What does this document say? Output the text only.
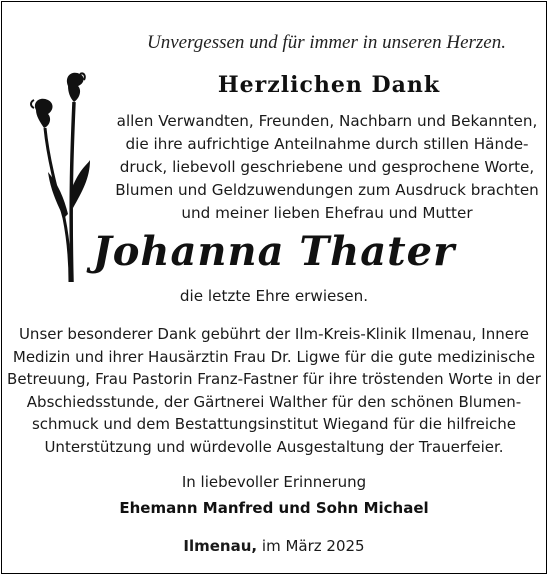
Unvergessen und für immer in unseren Herzen.
Herzlichen Dank
allen Verwandten, Freunden, Nachbarn und Bekannten,
die ihre aufrichtige Anteilnahme durch stillen Hände-
druck, liebevoll geschriebene und gesprochene Worte,
Blumen und Geldzuwendungen zum Ausdruck brachten
und meiner lieben Ehefrau und Mutter
Johanna Thater
die letzte Ehre erwiesen.
Unser besonderer Dank gebührt der Ilm-Kreis-Klinik Ilmenau, Innere
Medizin und ihrer Hausärztin Frau Dr. Ligwe für die gute medizinische
Betreuung, Frau Pastorin Franz-Fastner für ihre tröstenden Worte in der
Abschiedsstunde, der Gärtnerei Walther für den schönen Blumen-
schmuck und dem Bestattungsinstitut Wiegand für die hilfreiche
Unterstützung und würdevolle Ausgestaltung der Trauerfeier.
In liebevoller Erinnerung
Ehemann Manfred und Sohn Michael
Ilmenau, im März 2025
